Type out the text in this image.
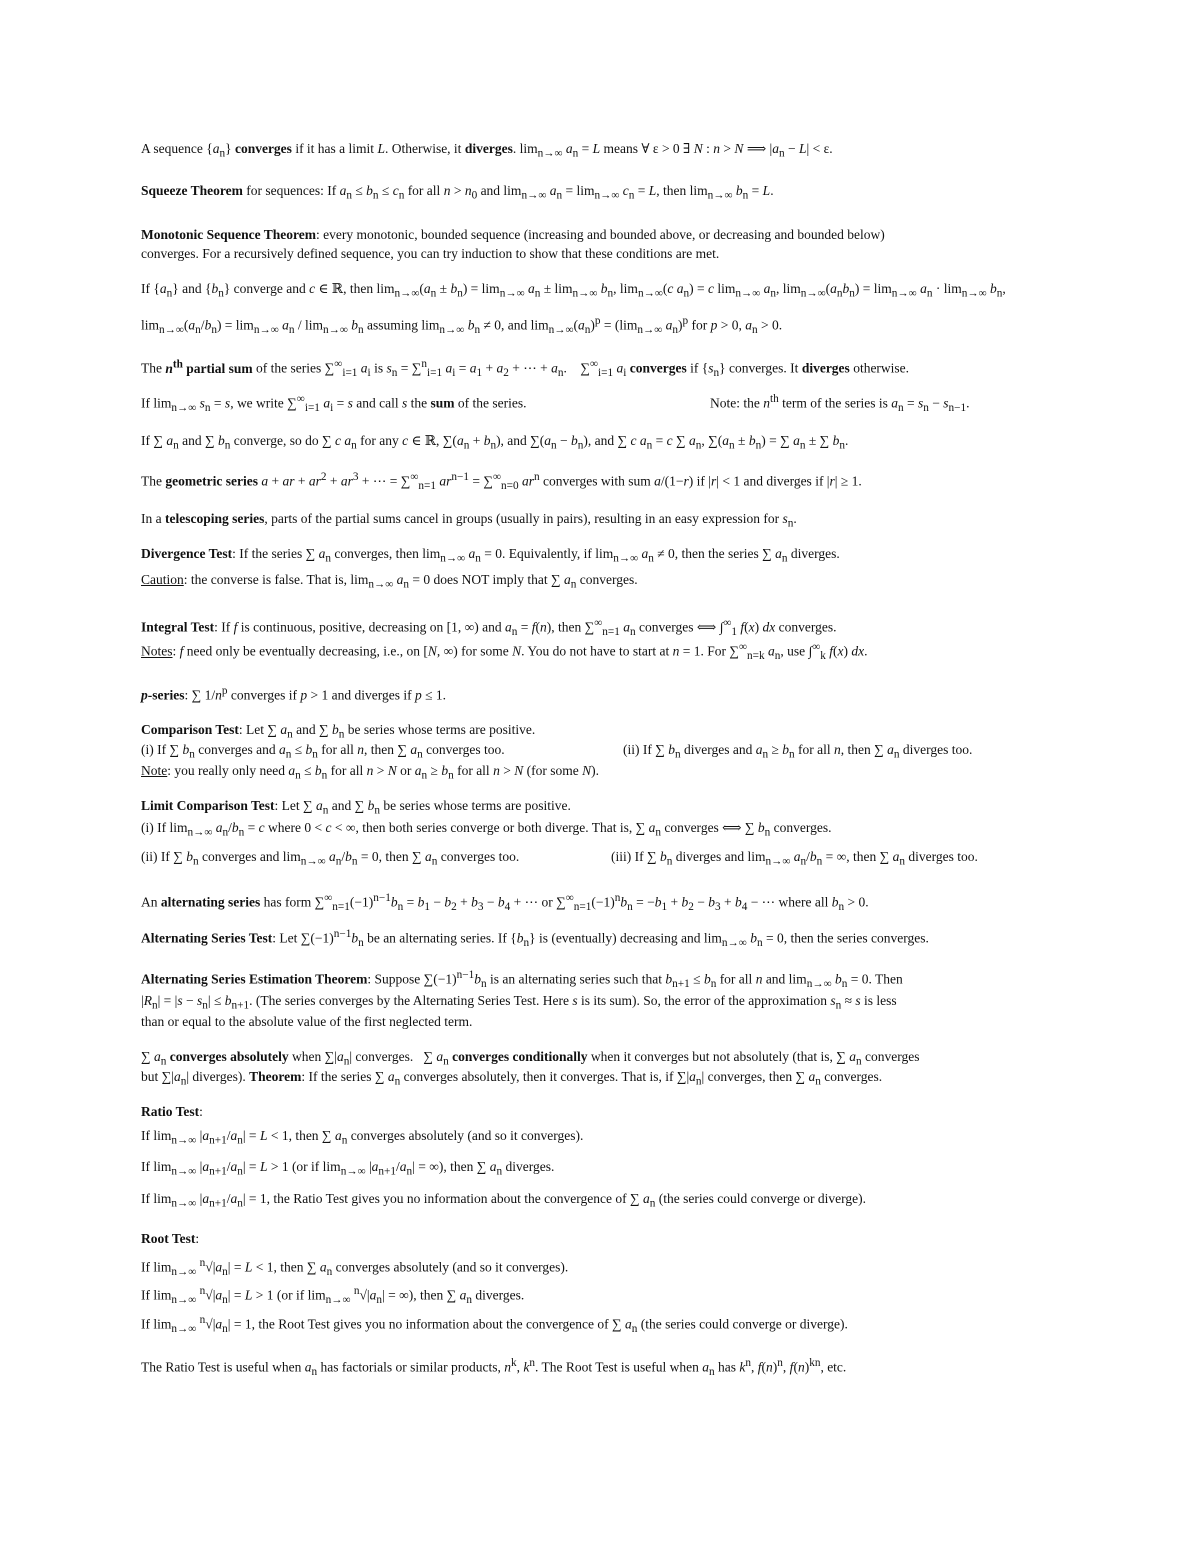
A sequence $\{a_n\}$ converges if it has a limit L. Otherwise, it diverges. $\lim_{n\to\infty} a_n = L$ means ∀ ε > 0 ∃ N : n > N ⟹ $|a_n - L| < \varepsilon$.
Squeeze Theorem for sequences: If $a_n \le b_n \le c_n$ for all $n > n_0$ and $\lim_{n\to\infty} a_n = \lim_{n\to\infty} c_n = L$, then $\lim_{n\to\infty} b_n = L$.
Monotonic Sequence Theorem: every monotonic, bounded sequence (increasing and bounded above, or decreasing and bounded below)
converges. For a recursively defined sequence, you can try induction to show that these conditions are met.
If $\{a_n\}$ and $\{b_n\}$ converge and c ∈ ℝ, then $\lim_{n\to\infty}(a_n \pm b_n) = \lim_{n\to\infty} a_n \pm \lim_{n\to\infty} b_n$, $\lim_{n\to\infty}(c$ $a_n) = c$ $\lim_{n\to\infty} a_n$, $\lim_{n\to\infty}(a_nb_n) = \lim_{n\to\infty} a_n \cdot \lim_{n\to\infty} b_n$,
$\lim_{n\to\infty}(a_n/b_n) = \lim_{n\to\infty} a_n / \lim_{n\to\infty} b_n$ assuming $\lim_{n\to\infty} b_n \ne 0$, and $\lim_{n\to\infty}(a_n)^p = (\lim_{n\to\infty}$ $a_n)^p$ for p > 0, $a_n > 0$.
The $n^{th}$ partial sum of the series $\sum^\infty_{i=1}$ $a_i$ is $s_n = \sum^n_{i=1}$ $a_i = a_1 + a_2$ + ⋯ + $a_n$.    $\sum^\infty_{i=1}$ $a_i$ converges if $\{s_n\}$ converges. It diverges otherwise.
If $\lim_{n\to\infty} s_n = s$, we write $\sum^\infty_{i=1}$ $a_i = s$ and call s the sum of the series.	Note: the $n^{th}$ term of the series is $a_n = s_n - s_{n-1}$.
If ∑ $a_n$ and ∑ $b_n$ converge, so do ∑ c $a_n$ for any c ∈ ℝ, $\sum(a_n + b_n)$, and $\sum(a_n - b_n)$, and ∑ c $a_n = c$ ∑ $a_n$, $\sum(a_n \pm b_n)$ = ∑ $a_n$ ± ∑ $b_n$.
The geometric series a + ar + $ar^2 + ar^3$ + ⋯ = $\sum^\infty_{n=1}$ $ar^{n-1} = \sum^\infty_{n=0}$ $ar^n$ converges with sum a/(1−r) if |r| < 1 and diverges if |r| ≥ 1.
In a telescoping series, parts of the partial sums cancel in groups (usually in pairs), resulting in an easy expression for $s_n$.
Divergence Test: If the series ∑ $a_n$ converges, then $\lim_{n\to\infty} a_n = 0$. Equivalently, if $\lim_{n\to\infty} a_n \ne 0$, then the series ∑ $a_n$ diverges.
Caution: the converse is false. That is, $\lim_{n\to\infty} a_n = 0$ does NOT imply that ∑ $a_n$ converges.
Integral Test: If f is continuous, positive, decreasing on [1, ∞) and $a_n = f(n)$, then $\sum^\infty_{n=1}$ $a_n$ converges ⟺ $\int^\infty_1$ f(x) dx converges.
Notes: f need only be eventually decreasing, i.e., on [N, ∞) for some N. You do not have to start at n = 1. For $\sum^\infty_{n=k}$ $a_n$, use $\int^\infty_k$ f(x) dx.
p-series: ∑ $1/n^p$ converges if p > 1 and diverges if p ≤ 1.
Comparison Test: Let ∑ $a_n$ and ∑ $b_n$ be series whose terms are positive.
(i) If ∑ $b_n$ converges and $a_n \le b_n$ for all n, then ∑ $a_n$ converges too.	(ii) If ∑ $b_n$ diverges and $a_n \ge b_n$ for all n, then ∑ $a_n$ diverges too.
Note: you really only need $a_n \le b_n$ for all n > N or $a_n \ge b_n$ for all n > N (for some N).
Limit Comparison Test: Let ∑ $a_n$ and ∑ $b_n$ be series whose terms are positive.
(i) If $\lim_{n\to\infty} a_n/b_n = c$ where 0 < c < ∞, then both series converge or both diverge. That is, ∑ $a_n$ converges ⟺ ∑ $b_n$ converges.
(ii) If ∑ $b_n$ converges and $\lim_{n\to\infty} a_n/b_n = 0$, then ∑ $a_n$ converges too.	(iii) If ∑ $b_n$ diverges and $\lim_{n\to\infty} a_n/b_n$ = ∞, then ∑ $a_n$ diverges too.
An alternating series has form $\sum^\infty_{n=1}(-1)^{n-1}b_n = b_1 - b_2 + b_3 - b_4$ + ⋯ or $\sum^\infty_{n=1}(-1)^nb_n = -b_1 + b_2 - b_3 + b_4$ − ⋯ where all $b_n > 0$.
Alternating Series Test: Let $\sum(-1)^{n-1}b_n$ be an alternating series. If $\{b_n\}$ is (eventually) decreasing and $\lim_{n\to\infty} b_n = 0$, then the series converges.
Alternating Series Estimation Theorem: Suppose $\sum(-1)^{n-1}b_n$ is an alternating series such that $b_{n+1} \le b_n$ for all n and $\lim_{n\to\infty} b_n = 0$. Then
$|R_n| = |s - s_n| \le b_{n+1}$. (The series converges by the Alternating Series Test. Here s is its sum). So, the error of the approximation $s_n \approx s$ is less
than or equal to the absolute value of the first neglected term.
∑ $a_n$ converges absolutely when $\sum|a_n|$ converges.   ∑ $a_n$ converges conditionally when it converges but not absolutely (that is, ∑ $a_n$ converges
but $\sum|a_n|$ diverges). Theorem: If the series ∑ $a_n$ converges absolutely, then it converges. That is, if $\sum|a_n|$ converges, then ∑ $a_n$ converges.
Ratio Test:
If $\lim_{n\to\infty} |a_{n+1}/a_n| = L < 1$, then ∑ $a_n$ converges absolutely (and so it converges).
If $\lim_{n\to\infty} |a_{n+1}/a_n| = L > 1$ (or if $\lim_{n\to\infty} |a_{n+1}/a_n|$ = ∞), then ∑ $a_n$ diverges.
If $\lim_{n\to\infty} |a_{n+1}/a_n| = 1$, the Ratio Test gives you no information about the convergence of ∑ $a_n$ (the series could converge or diverge).
Root Test:
If $\lim_{n\to\infty} ^n√|a_n| = L < 1$, then ∑ $a_n$ converges absolutely (and so it converges).
If $\lim_{n\to\infty} ^n√|a_n| = L > 1$ (or if $\lim_{n\to\infty} ^n√|a_n|$ = ∞), then ∑ $a_n$ diverges.
If $\lim_{n\to\infty} ^n√|a_n| = 1$, the Root Test gives you no information about the convergence of ∑ $a_n$ (the series could converge or diverge).
The Ratio Test is useful when $a_n$ has factorials or similar products, $n^k$, $k^n$. The Root Test is useful when $a_n$ has $k^n$, $f(n)^n$, $f(n)^{kn}$, etc.
